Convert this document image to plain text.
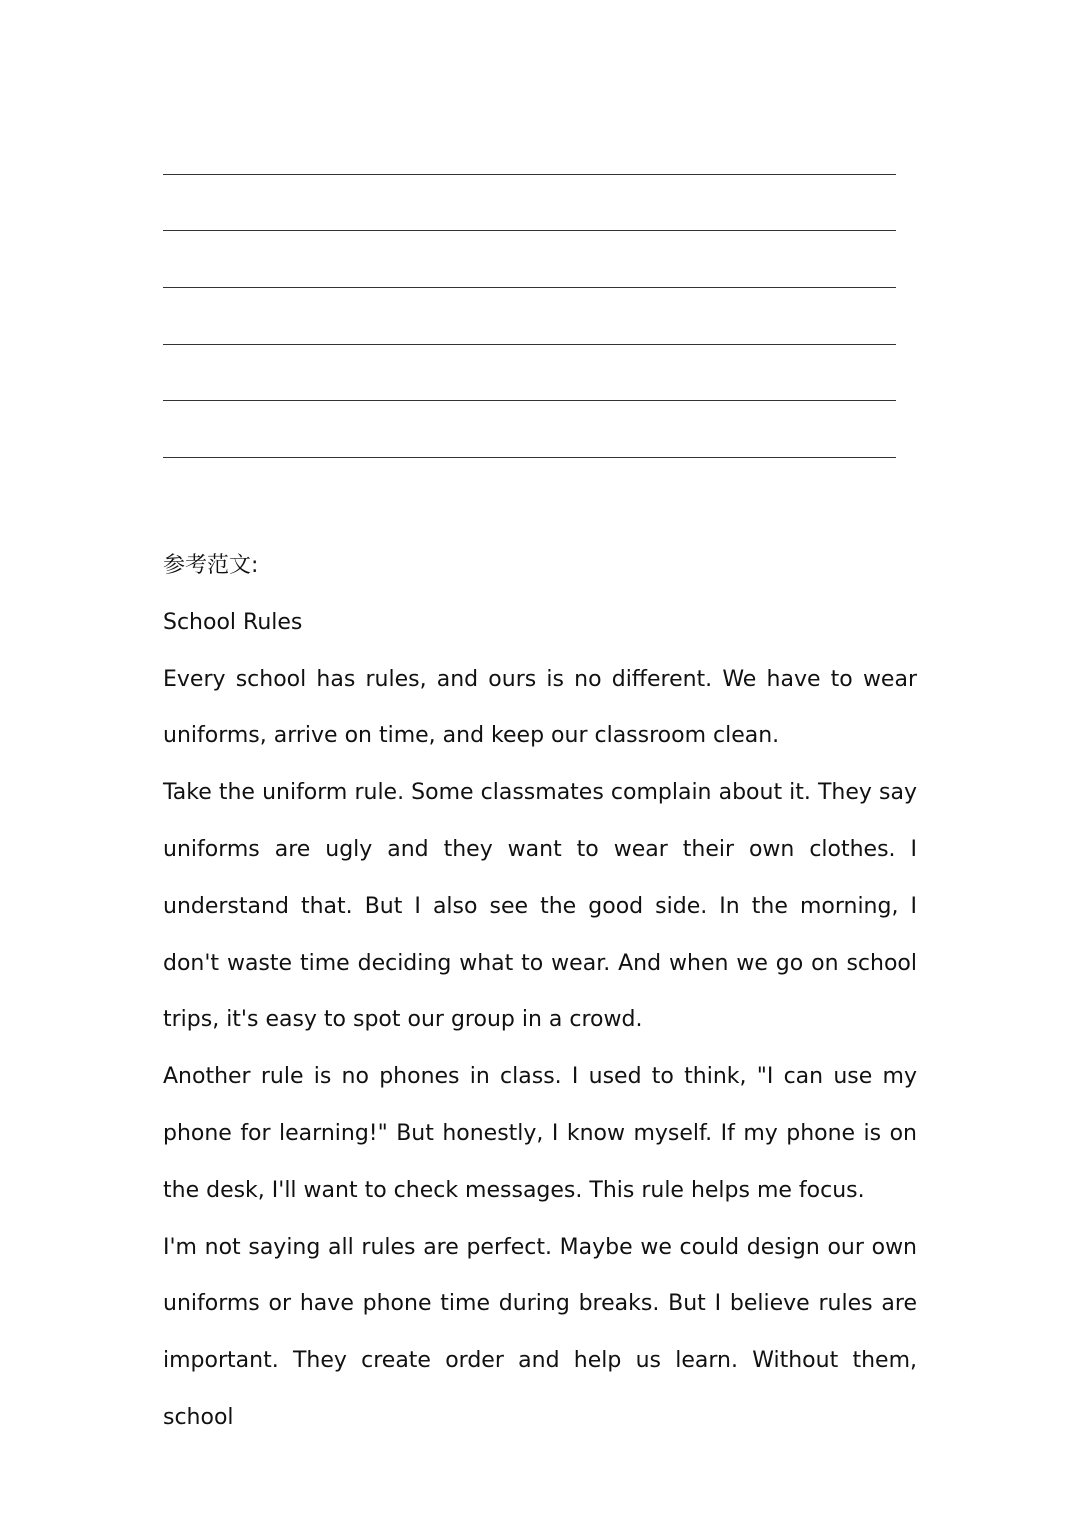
参考范文:

School Rules

Every school has rules, and ours is no different. We have to wear uniforms, arrive on time, and keep our classroom clean.

Take the uniform rule. Some classmates complain about it. They say uniforms are ugly and they want to wear their own clothes. I understand that. But I also see the good side. In the morning, I don't waste time deciding what to wear. And when we go on school trips, it's easy to spot our group in a crowd.

Another rule is no phones in class. I used to think, "I can use my phone for learning!" But honestly, I know myself. If my phone is on the desk, I'll want to check messages. This rule helps me focus.

I'm not saying all rules are perfect. Maybe we could design our own uniforms or have phone time during breaks. But I believe rules are important. They create order and help us learn. Without them, school
